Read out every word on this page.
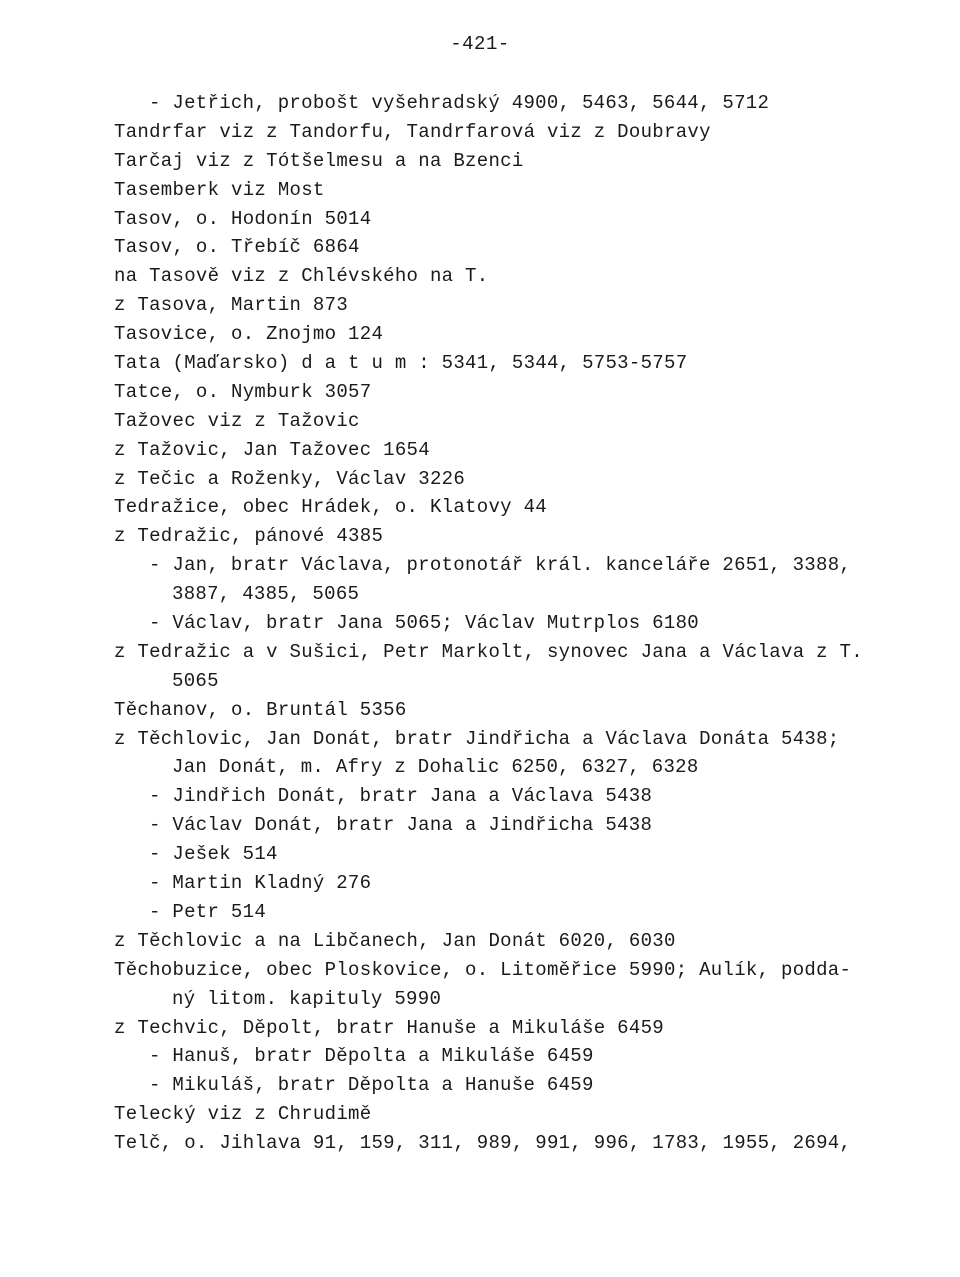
-421-
- Jetřich, probošt vyšehradský 4900, 5463, 5644, 5712
Tandrfar viz z Tandorfu, Tandrfarová viz z Doubravy
Tarčaj viz z Tótšelmesu a na Bzenci
Tasemberk viz Most
Tasov, o. Hodonín 5014
Tasov, o. Třebíč 6864
na Tasově viz z Chlévského na T.
z Tasova, Martin 873
Tasovice, o. Znojmo 124
Tata (Maďarsko) d a t u m : 5341, 5344, 5753-5757
Tatce, o. Nymburk 3057
Tažovec viz z Tažovic
z Tažovic, Jan Tažovec 1654
z Tečic a Roženky, Václav 3226
Tedražice, obec Hrádek, o. Klatovy 44
z Tedražic, pánové 4385
- Jan, bratr Václava, protonotář král. kanceláře 2651, 3388,
3887, 4385, 5065
- Václav, bratr Jana 5065; Václav Mutrplos 6180
z Tedražic a v Sušici, Petr Markolt, synovec Jana a Václava z T.
5065
Těchanov, o. Bruntál 5356
z Těchlovic, Jan Donát, bratr Jindřicha a Václava Donáta 5438;
Jan Donát, m. Afry z Dohalic 6250, 6327, 6328
- Jindřich Donát, bratr Jana a Václava 5438
- Václav Donát, bratr Jana a Jindřicha 5438
- Ješek 514
- Martin Kladný 276
- Petr 514
z Těchlovic a na Libčanech, Jan Donát 6020, 6030
Těchobuzice, obec Ploskovice, o. Litoměřice 5990; Aulík, podda-
ný litom. kapituly 5990
z Techvic, Děpolt, bratr Hanuše a Mikuláše 6459
- Hanuš, bratr Děpolta a Mikuláše 6459
- Mikuláš, bratr Děpolta a Hanuše 6459
Telecký viz z Chrudimě
Telč, o. Jihlava 91, 159, 311, 989, 991, 996, 1783, 1955, 2694,
